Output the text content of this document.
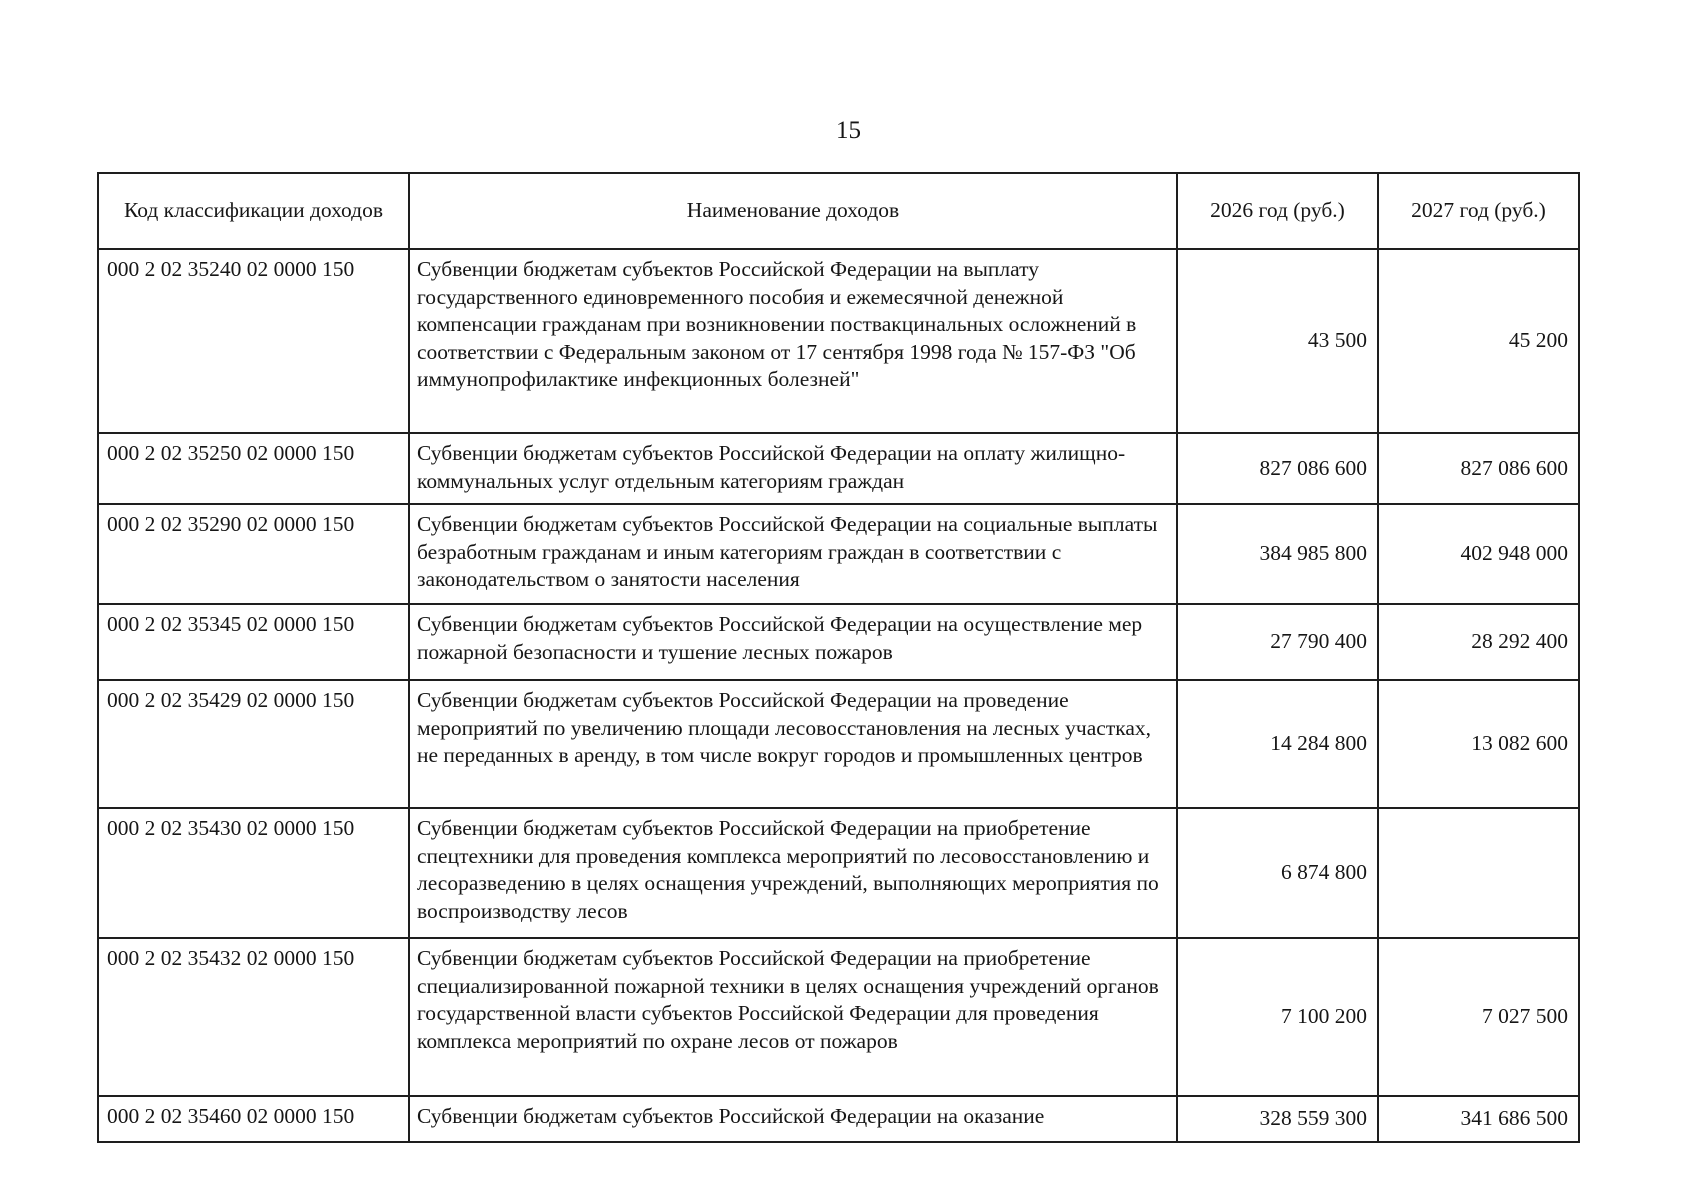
15
Код классификации доходов	Наименование доходов	2026 год (руб.)	2027 год (руб.)
000 2 02 35240 02 0000 150	Субвенции бюджетам субъектов Российской Федерации на выплату государственного единовременного пособия и ежемесячной денежной компенсации гражданам при возникновении поствакцинальных осложнений в соответствии с Федеральным законом от 17 сентября 1998 года № 157-ФЗ "Об иммунопрофилактике инфекционных болезней"	43 500	45 200
000 2 02 35250 02 0000 150	Субвенции бюджетам субъектов Российской Федерации на оплату жилищно-коммунальных услуг отдельным категориям граждан	827 086 600	827 086 600
000 2 02 35290 02 0000 150	Субвенции бюджетам субъектов Российской Федерации на социальные выплаты безработным гражданам и иным категориям граждан в соответствии с законодательством о занятости населения	384 985 800	402 948 000
000 2 02 35345 02 0000 150	Субвенции бюджетам субъектов Российской Федерации на осуществление мер пожарной безопасности и тушение лесных пожаров	27 790 400	28 292 400
000 2 02 35429 02 0000 150	Субвенции бюджетам субъектов Российской Федерации на проведение мероприятий по увеличению площади лесовосстановления на лесных участках, не переданных в аренду, в том числе вокруг городов и промышленных центров	14 284 800	13 082 600
000 2 02 35430 02 0000 150	Субвенции бюджетам субъектов Российской Федерации на приобретение спецтехники для проведения комплекса мероприятий по лесовосстановлению и лесоразведению в целях оснащения учреждений, выполняющих мероприятия по воспроизводству лесов	6 874 800	
000 2 02 35432 02 0000 150	Субвенции бюджетам субъектов Российской Федерации на приобретение специализированной пожарной техники в целях оснащения учреждений органов государственной власти субъектов Российской Федерации для проведения комплекса мероприятий по охране лесов от пожаров	7 100 200	7 027 500
000 2 02 35460 02 0000 150	Субвенции бюджетам субъектов Российской Федерации на оказание	328 559 300	341 686 500
